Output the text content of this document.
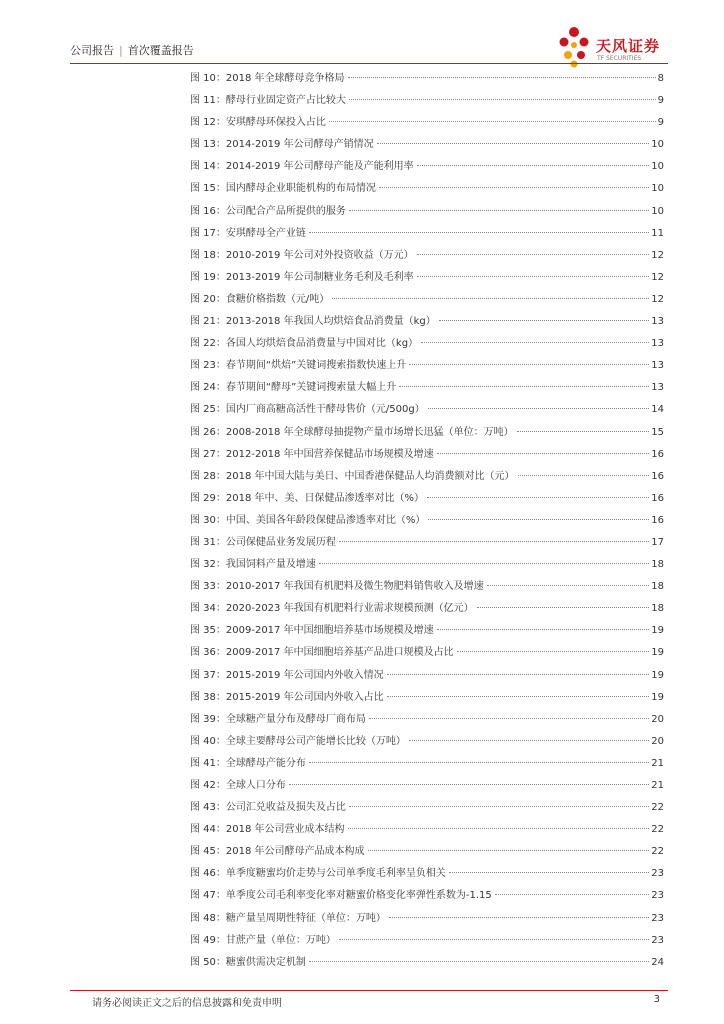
公司报告 | 首次覆盖报告	天风证券
TF SECURITIES
图 10：2018 年全球酵母竞争格局	8
图 11：酵母行业固定资产占比较大	9
图 12：安琪酵母环保投入占比	9
图 13：2014-2019 年公司酵母产销情况	10
图 14：2014-2019 年公司酵母产能及产能利用率	10
图 15：国内酵母企业职能机构的布局情况	10
图 16：公司配合产品所提供的服务	10
图 17：安琪酵母全产业链	11
图 18：2010-2019 年公司对外投资收益（万元）	12
图 19：2013-2019 年公司制糖业务毛利及毛利率	12
图 20：食糖价格指数（元/吨）	12
图 21：2013-2018 年我国人均烘焙食品消费量（kg）	13
图 22：各国人均烘焙食品消费量与中国对比（kg）	13
图 23：春节期间“烘焙”关键词搜索指数快速上升	13
图 24：春节期间“酵母”关键词搜索量大幅上升	13
图 25：国内厂商高糖高活性干酵母售价（元/500g）	14
图 26：2008-2018 年全球酵母抽提物产量市场增长迅猛（单位：万吨）	15
图 27：2012-2018 年中国营养保健品市场规模及增速	16
图 28：2018 年中国大陆与美日、中国香港保健品人均消费额对比（元）	16
图 29：2018 年中、美、日保健品渗透率对比（%）	16
图 30：中国、美国各年龄段保健品渗透率对比（%）	16
图 31：公司保健品业务发展历程	17
图 32：我国饲料产量及增速	18
图 33：2010-2017 年我国有机肥料及微生物肥料销售收入及增速	18
图 34：2020-2023 年我国有机肥料行业需求规模预测（亿元）	18
图 35：2009-2017 年中国细胞培养基市场规模及增速	19
图 36：2009-2017 年中国细胞培养基产品进口规模及占比	19
图 37：2015-2019 年公司国内外收入情况	19
图 38：2015-2019 年公司国内外收入占比	19
图 39：全球糖产量分布及酵母厂商布局	20
图 40：全球主要酵母公司产能增长比较（万吨）	20
图 41：全球酵母产能分布	21
图 42：全球人口分布	21
图 43：公司汇兑收益及损失及占比	22
图 44：2018 年公司营业成本结构	22
图 45：2018 年公司酵母产品成本构成	22
图 46：单季度糖蜜均价走势与公司单季度毛利率呈负相关	23
图 47：单季度公司毛利率变化率对糖蜜价格变化率弹性系数为-1.15	23
图 48：糖产量呈周期性特征（单位：万吨）	23
图 49：甘蔗产量（单位：万吨）	23
图 50：糖蜜供需决定机制	24
请务必阅读正文之后的信息披露和免责申明	3
